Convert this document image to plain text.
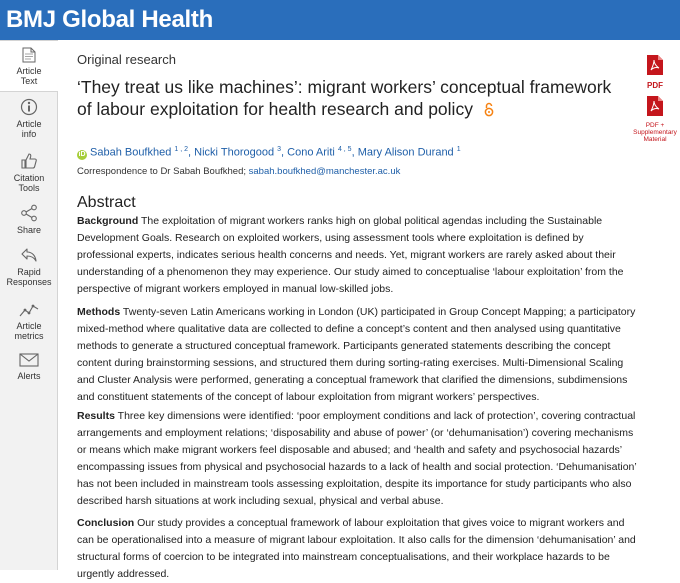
BMJ Global Health
Article
Text
Article
info
Citation
Tools
Share
Rapid
Responses
Article
metrics
Alerts
PDF
PDF +
Supplementary
Material
Original research
‘They treat us like machines’: migrant workers’ conceptual framework
of labour exploitation for health research and policy
iD Sabah Boufkhed $^{1 , 2}$, Nicki Thorogood $^3$, Cono Ariti $^{4 , 5}$, Mary Alison Durand $^1$
Correspondence to Dr Sabah Boufkhed; sabah.boufkhed@manchester.ac.uk
Abstract

Background The exploitation of migrant workers ranks high on global political agendas including the Sustainable Development Goals. Research on exploited workers, using assessment tools where exploitation is defined by professional experts, indicates serious health concerns and needs. Yet, migrant workers are rarely asked about their understanding of a phenomenon they may experience. Our study aimed to conceptualise ‘labour exploitation’ from the perspective of migrant workers employed in manual low-skilled jobs.

Methods Twenty-seven Latin Americans working in London (UK) participated in Group Concept Mapping; a participatory mixed-method where qualitative data are collected to define a concept’s content and then analysed using quantitative methods to generate a structured conceptual framework. Participants generated statements describing the concept content during brainstorming sessions, and structured them during sorting-rating exercises. Multi-Dimensional Scaling and Cluster Analysis were performed, generating a conceptual framework that clarified the dimensions, subdimensions and constituent statements of the concept of labour exploitation from migrant workers’ perspectives.

Results Three key dimensions were identified: ‘poor employment conditions and lack of protection’, covering contractual arrangements and employment relations; ‘disposability and abuse of power’ (or ‘dehumanisation’) covering mechanisms or means which make migrant workers feel disposable and abused; and ‘health and safety and psychosocial hazards’ encompassing issues from physical and psychosocial hazards to a lack of health and social protection. ‘Dehumanisation’ has not been included in mainstream tools assessing exploitation, despite its importance for study participants who also described harsh situations at work including sexual, physical and verbal abuse.

Conclusion Our study provides a conceptual framework of labour exploitation that gives voice to migrant workers and can be operationalised into a measure of migrant labour exploitation. It also calls for the dimension ‘dehumanisation’ and structural forms of coercion to be integrated into mainstream conceptualisations, and their workplace hazards to be urgently addressed.
